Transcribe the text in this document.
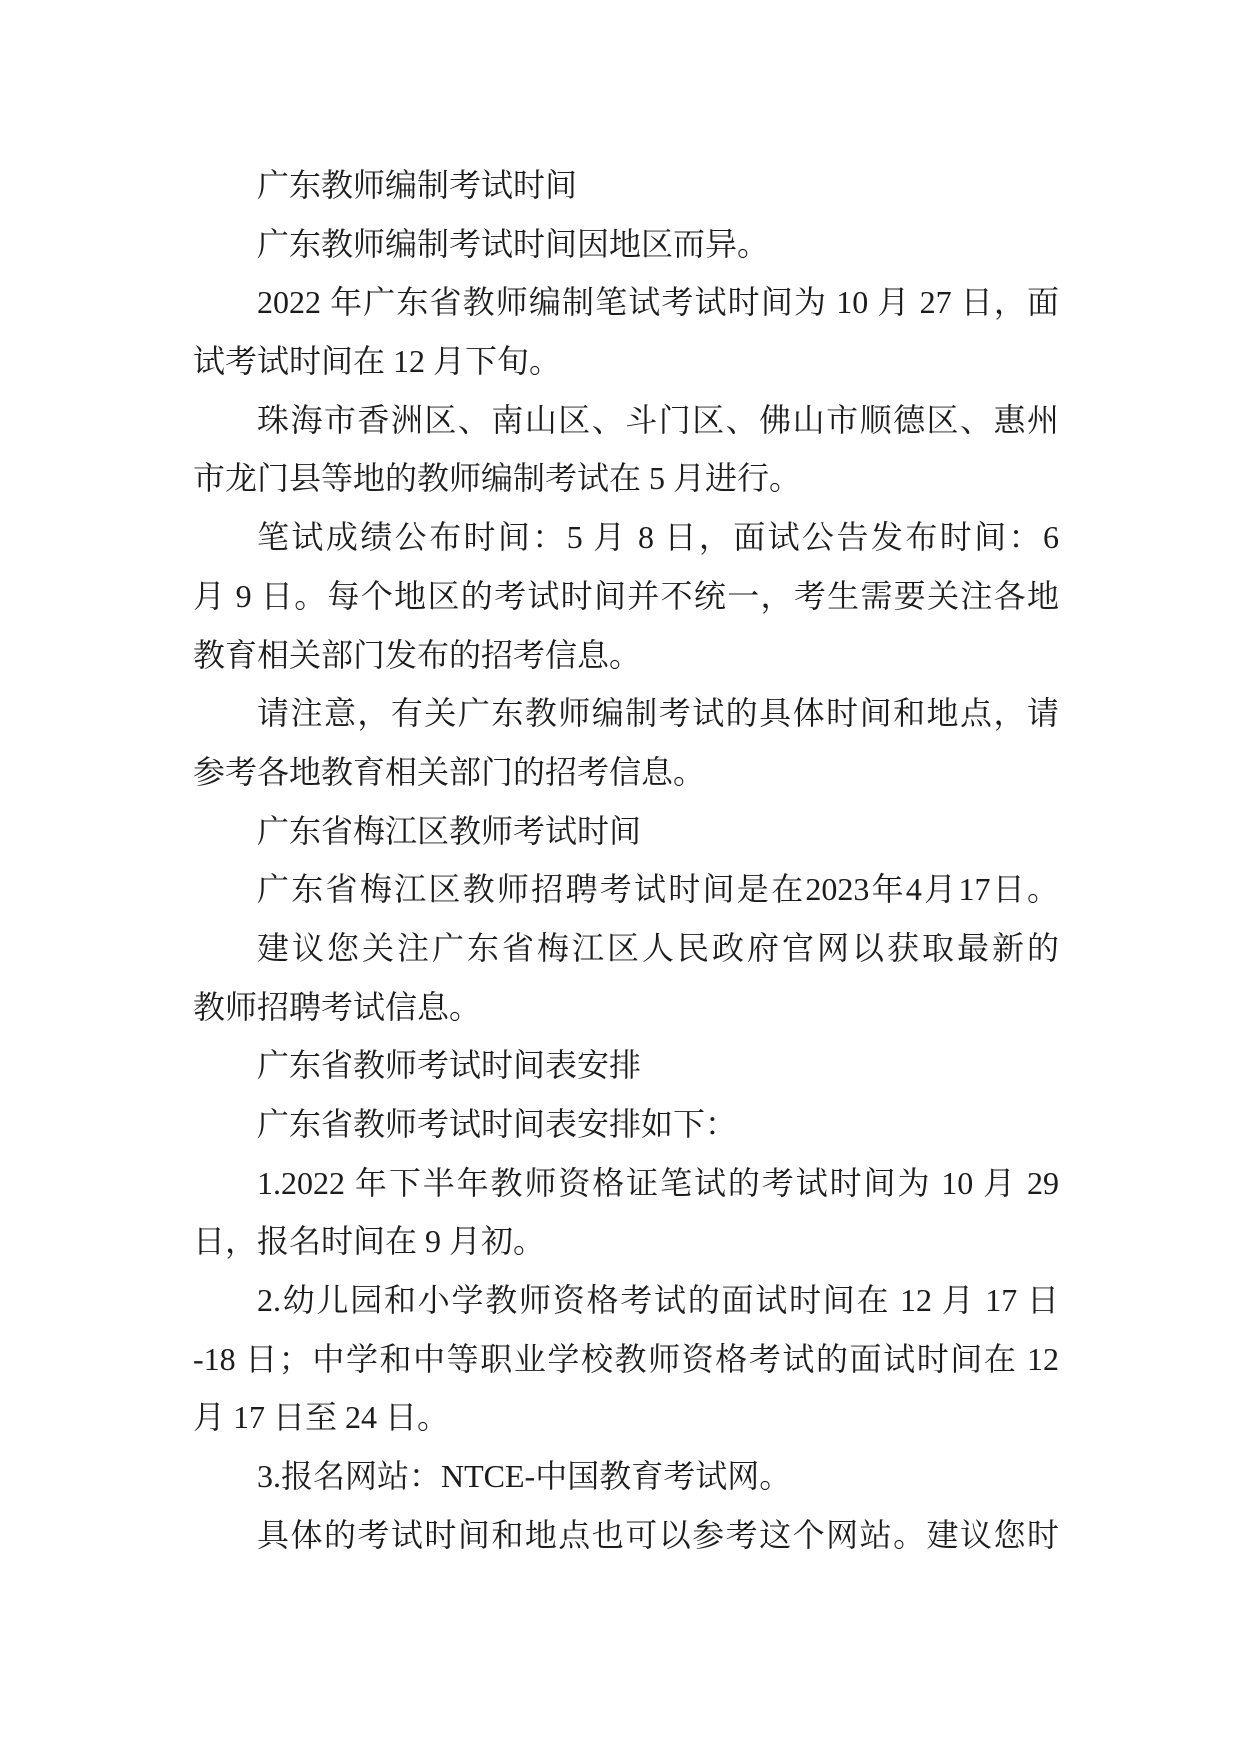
广东教师编制考试时间
广东教师编制考试时间因地区而异。
2022 年广东省教师编制笔试考试时间为 10 月 27 日，面
试考试时间在 12 月下旬。
珠海市香洲区、南山区、斗门区、佛山市顺德区、惠州
市龙门县等地的教师编制考试在 5 月进行。
笔试成绩公布时间：5 月 8 日，面试公告发布时间：6
月 9 日。每个地区的考试时间并不统一，考生需要关注各地
教育相关部门发布的招考信息。
请注意，有关广东教师编制考试的具体时间和地点，请
参考各地教育相关部门的招考信息。
广东省梅江区教师考试时间
广东省梅江区教师招聘考试时间是在2023年4月17日。
建议您关注广东省梅江区人民政府官网以获取最新的
教师招聘考试信息。
广东省教师考试时间表安排
广东省教师考试时间表安排如下：
1.2022 年下半年教师资格证笔试的考试时间为 10 月 29
日，报名时间在 9 月初。
2.幼儿园和小学教师资格考试的面试时间在 12 月 17 日
-18 日；中学和中等职业学校教师资格考试的面试时间在 12
月 17 日至 24 日。
3.报名网站：NTCE-中国教育考试网。
具体的考试时间和地点也可以参考这个网站。建议您时
